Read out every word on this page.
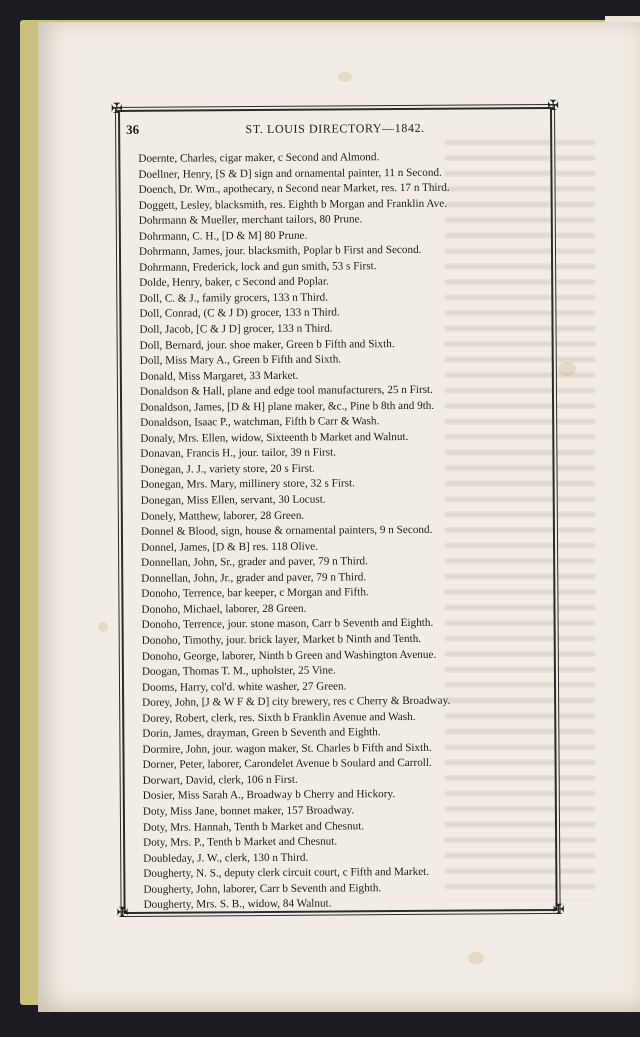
✠	✠
✠	✠
36	ST. LOUIS DIRECTORY—1842.
Doernte, Charles, cigar maker, c Second and Almond.
Doellner, Henry, [S & D] sign and ornamental painter, 11 n Second.
Doench, Dr. Wm., apothecary, n Second near Market, res. 17 n Third.
Doggett, Lesley, blacksmith, res. Eighth b Morgan and Franklin Ave.
Dohrmann & Mueller, merchant tailors, 80 Prune.
Dohrmann, C. H., [D & M] 80 Prune.
Dohrmann, James, jour. blacksmith, Poplar b First and Second.
Dohrmann, Frederick, lock and gun smith, 53 s First.
Dolde, Henry, baker, c Second and Poplar.
Doll, C. & J., family grocers, 133 n Third.
Doll, Conrad, (C & J D) grocer, 133 n Third.
Doll, Jacob, [C & J D] grocer, 133 n Third.
Doll, Bernard, jour. shoe maker, Green b Fifth and Sixth.
Doll, Miss Mary A., Green b Fifth and Sixth.
Donald, Miss Margaret, 33 Market.
Donaldson & Hall, plane and edge tool manufacturers, 25 n First.
Donaldson, James, [D & H] plane maker, &c., Pine b 8th and 9th.
Donaldson, Isaac P., watchman, Fifth b Carr & Wash.
Donaly, Mrs. Ellen, widow, Sixteenth b Market and Walnut.
Donavan, Francis H., jour. tailor, 39 n First.
Donegan, J. J., variety store, 20 s First.
Donegan, Mrs. Mary, millinery store, 32 s First.
Donegan, Miss Ellen, servant, 30 Locust.
Donely, Matthew, laborer, 28 Green.
Donnel & Blood, sign, house & ornamental painters, 9 n Second.
Donnel, James, [D & B] res. 118 Olive.
Donnellan, John, Sr., grader and paver, 79 n Third.
Donnellan, John, Jr., grader and paver, 79 n Third.
Donoho, Terrence, bar keeper, c Morgan and Fifth.
Donoho, Michael, laborer, 28 Green.
Donoho, Terrence, jour. stone mason, Carr b Seventh and Eighth.
Donoho, Timothy, jour. brick layer, Market b Ninth and Tenth.
Donoho, George, laborer, Ninth b Green and Washington Avenue.
Doogan, Thomas T. M., upholster, 25 Vine.
Dooms, Harry, col'd. white washer, 27 Green.
Dorey, John, [J & W F & D] city brewery, res c Cherry & Broadway.
Dorey, Robert, clerk, res. Sixth b Franklin Avenue and Wash.
Dorin, James, drayman, Green b Seventh and Eighth.
Dormire, John, jour. wagon maker, St. Charles b Fifth and Sixth.
Dorner, Peter, laborer, Carondelet Avenue b Soulard and Carroll.
Dorwart, David, clerk, 106 n First.
Dosier, Miss Sarah A., Broadway b Cherry and Hickory.
Doty, Miss Jane, bonnet maker, 157 Broadway.
Doty, Mrs. Hannah, Tenth b Market and Chesnut.
Doty, Mrs. P., Tenth b Market and Chesnut.
Doubleday, J. W., clerk, 130 n Third.
Dougherty, N. S., deputy clerk circuit court, c Fifth and Market.
Dougherty, John, laborer, Carr b Seventh and Eighth.
Dougherty, Mrs. S. B., widow, 84 Walnut.
